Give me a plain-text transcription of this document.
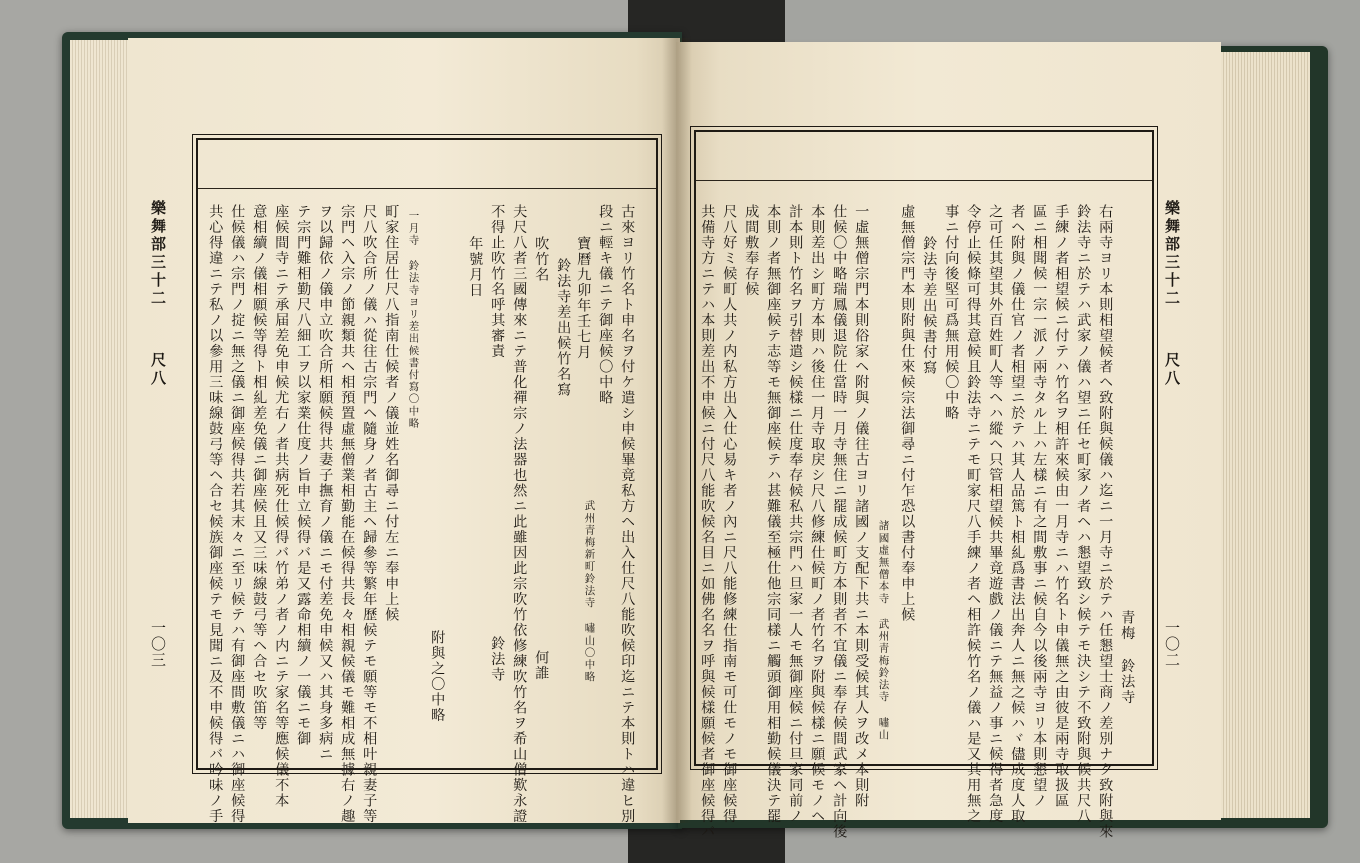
樂舞部三十二
尺八
一〇三	古來ヨリ竹名ト申名ヲ付ケ遣シ申候畢竟私方ヘ出入仕尺八能吹候印迄ニテ本則トハ違ヒ別
段ニ輕キ儀ニテ御座候〇中略
寶曆九卯年壬七月
鈴法寺差出候竹名寫
武州青梅新町鈴法寺 嘯山〇中略
吹竹名
夫尺八者三國傳來ニテ普化禪宗ノ法器也然ニ此雖因此宗吹竹依修練吹竹名ヲ希山僧歎永證
不得止吹竹名呼其審責
何誰
年號月日
鈴法寺
一月寺 鈴法寺ヨリ差出候書付寫〇中略
町家住居仕尺八指南仕候者ノ儀並姓名御尋ニ付左ニ奉申上候
尺八吹合所ノ儀ハ從往古宗門ヘ隨身ノ者古主ヘ歸參等繁年歷候テモ願等モ不相叶親妻子等
宗門ヘ入宗ノ節親類共ヘ相預置虛無僧業相勤能在候得共長々相親候儀モ難相成無據右ノ趣
ヲ以歸依ノ儀申立吹合所相願候得共妻子撫育ノ儀ニモ付差免申候又ハ其身多病ニ
テ宗門難相勤尺八細工ヲ以家業仕度ノ旨申立候得バ是又露命相續ノ一儀ニモ御
座候間寺ニテ承届差免申候尤右ノ者共病死仕候得バ竹弟ノ者ノ内ニテ家名等應候儀不本
意相續ノ儀相願候等得ト相糺差免儀ニ御座候且又三味線鼓弓等ヘ合セ吹笛等
仕候儀ハ宗門ノ掟ニ無之儀ニ御座候得共若其末々ニ至リ候テハ有御座間敷儀ニハ御座候得
共心得違ニテ私ノ以參用三味線鼓弓等ヘ合セ候族御座候テモ見聞ニ及不申候得バ吟味ノ手	附與之〇中略
樂舞部三十二
尺八
一〇二
青梅 鈴法寺
右兩寺ヨリ本則相望候者ヘ致附與候儀ハ迄ニ一月寺ニ於テハ任懇望士商ノ差別ナク致附與來
鈴法寺ニ於テハ武家ノ儀ハ望ニ任セ町家ノ者ヘハ懇望致シ候テモ決シテ不致附與候共尺八
手練ノ者相望候ニ付テハ竹名ヲ相許來候由一月寺ニハ竹名ト申儀無之由彼是兩寺取扱區
區ニ相聞候一宗一派ノ兩寺タル上ハ左樣ニ有之間敷事ニ候自今以後兩寺ヨリ本則懇望ノ
者ヘ附與ノ儀仕官ノ者相望ニ於テハ其人品篤ト相糺爲書法出奔人ニ無之候ハヾ儘成度人取
之可任其望其外百姓町人等ヘハ縱ヘ只管相望候共畢竟遊戲ノ儀ニテ無益ノ事ニ候得者急度
令停止候條可得其意候且鈴法寺ニテモ町家尺八手練ノ者ヘ相許候竹名ノ儀ハ是又其用無之
事ニ付向後堅可爲無用候〇中略
鈴法寺差出候書付寫
虛無僧宗門本則附與仕來候宗法御尋ニ付乍恐以書付奉申上候
諸國虛無僧本寺 武州靑梅鈴法寺 嘯山
一虛無僧宗門本則俗家ヘ附與ノ儀往古ヨリ諸國ノ支配下共ニ本則受候其人ヲ改メ本則附
仕候〇中略瑞鳳儀退院仕當時一月寺無住ニ罷成候町方本則者不宜儀ニ奉存候間武家ヘ計向後
本則差出シ町方本則ハ後住一月寺取戻シ尺八修練仕候町ノ者竹名ヲ附與候樣ニ願候モノヘ
計本則ト竹名ヲ引替遣シ候樣ニ仕度奉存候私共宗門ハ旦家一人モ無御座候ニ付旦家同前ノ
本則ノ者無御座候テ志等モ無御座候テハ甚難儀至極仕他宗同樣ニ觸頭御用相勤候儀決テ罷
成間敷奉存候
尺八好ミ候町人共ノ内私方出入仕心易キ者ノ內ニ尺八能修練仕指南モ可仕モノモ御座候得
共備寺方ニテハ本則差出不申候ニ付尺八能吹候名目ニ如佛名名ヲ呼與候樣願候者御座候得バ
